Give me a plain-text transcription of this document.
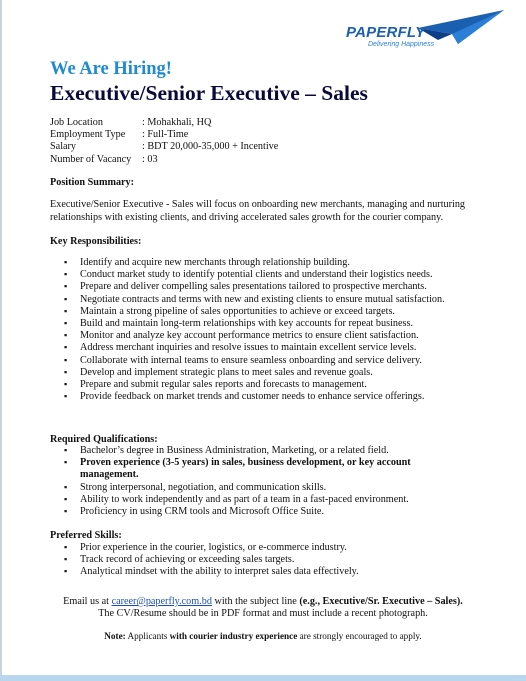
PAPERFLY
Delivering Happiness
We Are Hiring!
Executive/Senior Executive – Sales
Job Location	: Mohakhali, HQ
Employment Type : Full-Time
Salary	: BDT 20,000-35,000 + Incentive
Number of Vacancy : 03
Position Summary:
Executive/Senior Executive - Sales will focus on onboarding new merchants, managing and nurturing relationships with existing clients, and driving accelerated sales growth for the courier company.
Key Responsibilities:
▪ Identify and acquire new merchants through relationship building.
▪ Conduct market study to identify potential clients and understand their logistics needs.
▪ Prepare and deliver compelling sales presentations tailored to prospective merchants.
▪ Negotiate contracts and terms with new and existing clients to ensure mutual satisfaction.
▪ Maintain a strong pipeline of sales opportunities to achieve or exceed targets.
▪ Build and maintain long-term relationships with key accounts for repeat business.
▪ Monitor and analyze key account performance metrics to ensure client satisfaction.
▪ Address merchant inquiries and resolve issues to maintain excellent service levels.
▪ Collaborate with internal teams to ensure seamless onboarding and service delivery.
▪ Develop and implement strategic plans to meet sales and revenue goals.
▪ Prepare and submit regular sales reports and forecasts to management.
▪ Provide feedback on market trends and customer needs to enhance service offerings.
Required Qualifications:
▪ Bachelor’s degree in Business Administration, Marketing, or a related field.
▪ Proven experience (3-5 years) in sales, business development, or key account management.
▪ Strong interpersonal, negotiation, and communication skills.
▪ Ability to work independently and as part of a team in a fast-paced environment.
▪ Proficiency in using CRM tools and Microsoft Office Suite.
Preferred Skills:
▪ Prior experience in the courier, logistics, or e-commerce industry.
▪ Track record of achieving or exceeding sales targets.
▪ Analytical mindset with the ability to interpret sales data effectively.
Email us at career@paperfly.com.bd with the subject line (e.g., Executive/Sr. Executive – Sales).
The CV/Resume should be in PDF format and must include a recent photograph.
Note: Applicants with courier industry experience are strongly encouraged to apply.
